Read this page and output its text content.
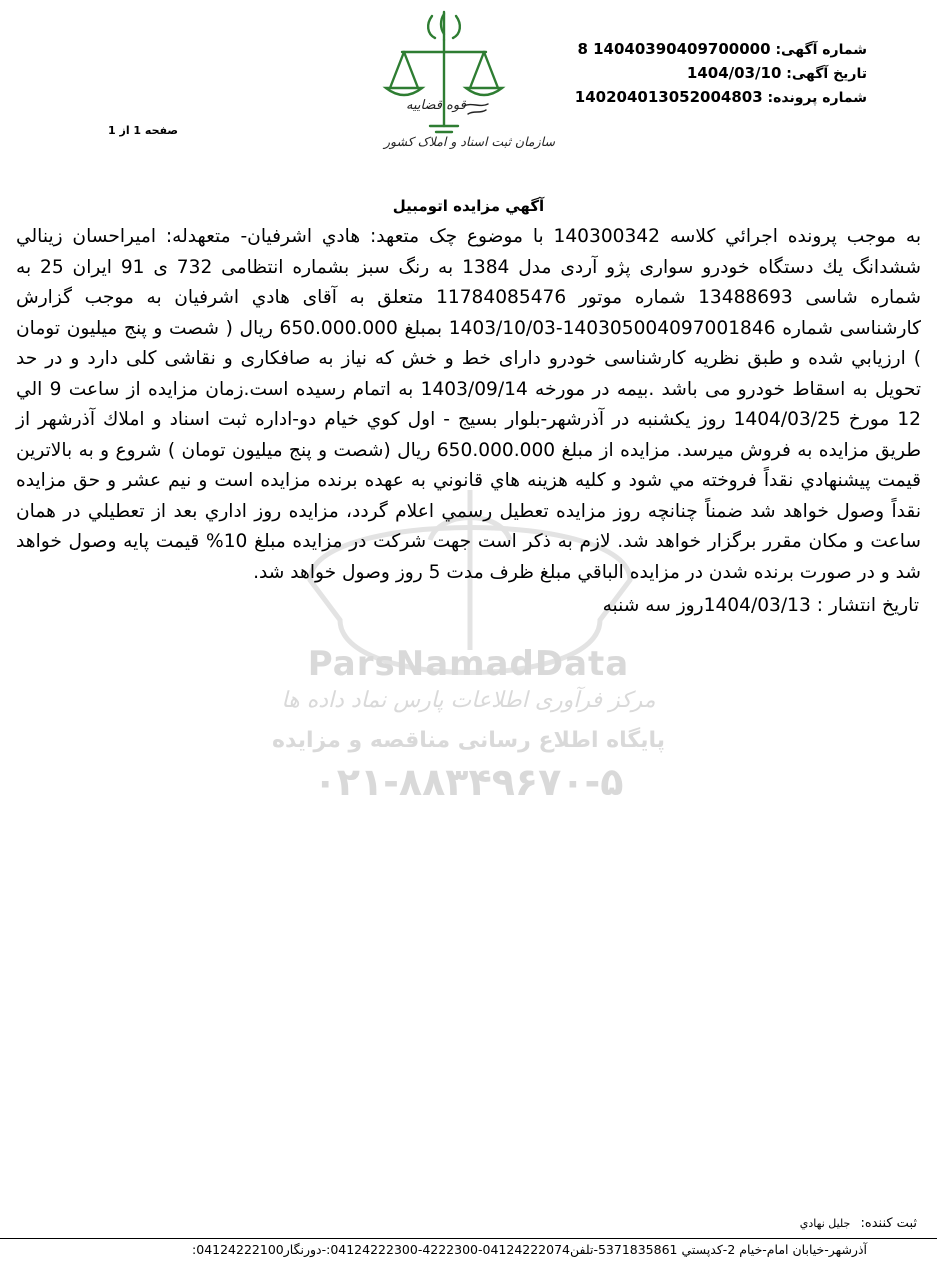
شماره آگهی: 14040390409700000 8
تاریخ آگهی: 1404/03/10
شماره پرونده: 140204013052004803
قوه قضاییه
سازمان ثبت اسناد و املاک کشور
صفحه 1 از 1
ParsNamadData
مرکز فرآوری اطلاعات پارس نماد داده ها
پایگاه اطلاع رسانی مناقصه و مزایده
۰۲۱-۸۸۳۴۹۶۷۰-۵
آگهي مزايده اتومبيل

به موجب پرونده اجرائي كلاسه 140300342 با موضوع چک متعهد: هادي اشرفيان- متعهدله: اميراحسان زينالي ششدانگ يك دستگاه خودرو سواری پژو آردی مدل 1384 به رنگ سبز بشماره انتظامی 732 ی 91 ايران 25 به شماره شاسی 13488693 شماره موتور 11784085476 متعلق به آقای هادي اشرفيان به موجب گزارش كارشناسی شماره 140305004097001846-1403/10/03 بمبلغ 650.000.000 ريال ( شصت و پنج ميليون تومان ) ارزيابي شده و طبق نظريه كارشناسی خودرو دارای خط و خش كه نياز به صافكاری و نقاشی كلی دارد و در حد تحويل به اسقاط خودرو می باشد .بيمه در مورخه 1403/09/14 به اتمام رسيده است.زمان مزايده از ساعت 9 الي 12 مورخ 1404/03/25 روز يكشنبه در آذرشهر-بلوار بسيج - اول كوي خيام دو-اداره ثبت اسناد و املاك آذرشهر از طريق مزايده به فروش ميرسد. مزايده از مبلغ 650.000.000 ريال (شصت و پنج ميليون تومان ) شروع و به بالاترين قيمت پيشنهادي نقداً فروخته مي شود و كليه هزينه هاي قانوني به عهده برنده مزايده است و نيم عشر و حق مزايده نقداً وصول خواهد شد ضمناً چنانچه روز مزايده تعطيل رسمي اعلام گردد، مزايده روز اداري بعد از تعطيلي در همان ساعت و مكان مقرر برگزار خواهد شد. لازم به ذكر است جهت شركت در مزايده مبلغ 10% قيمت پايه وصول خواهد شد و در صورت برنده شدن در مزايده الباقي مبلغ ظرف مدت 5 روز وصول خواهد شد.

تاريخ انتشار : 1404/03/13روز سه شنبه
ثبت كننده: جليل نهادي
آذرشهر-خيابان امام-خيام 2-كدپستي 5371835861-تلفن04124222074-4222300-04124222300:-دورنگار04124222100:
